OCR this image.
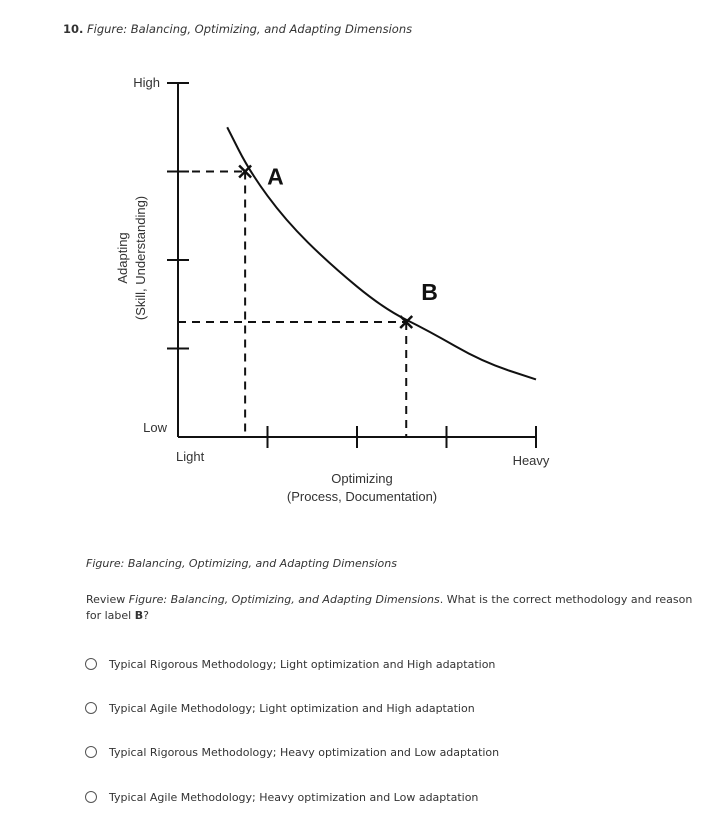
10. Figure: Balancing, Optimizing, and Adapting Dimensions
High
Low
Light	Heavy
Optimizing
(Process, Documentation)
Adapting (Skill, Understanding)
A
B
Figure: Balancing, Optimizing, and Adapting Dimensions
Review Figure: Balancing, Optimizing, and Adapting Dimensions. What is the correct methodology and reason for label B?
Typical Rigorous Methodology; Light optimization and High adaptation
Typical Agile Methodology; Light optimization and High adaptation
Typical Rigorous Methodology; Heavy optimization and Low adaptation
Typical Agile Methodology; Heavy optimization and Low adaptation
